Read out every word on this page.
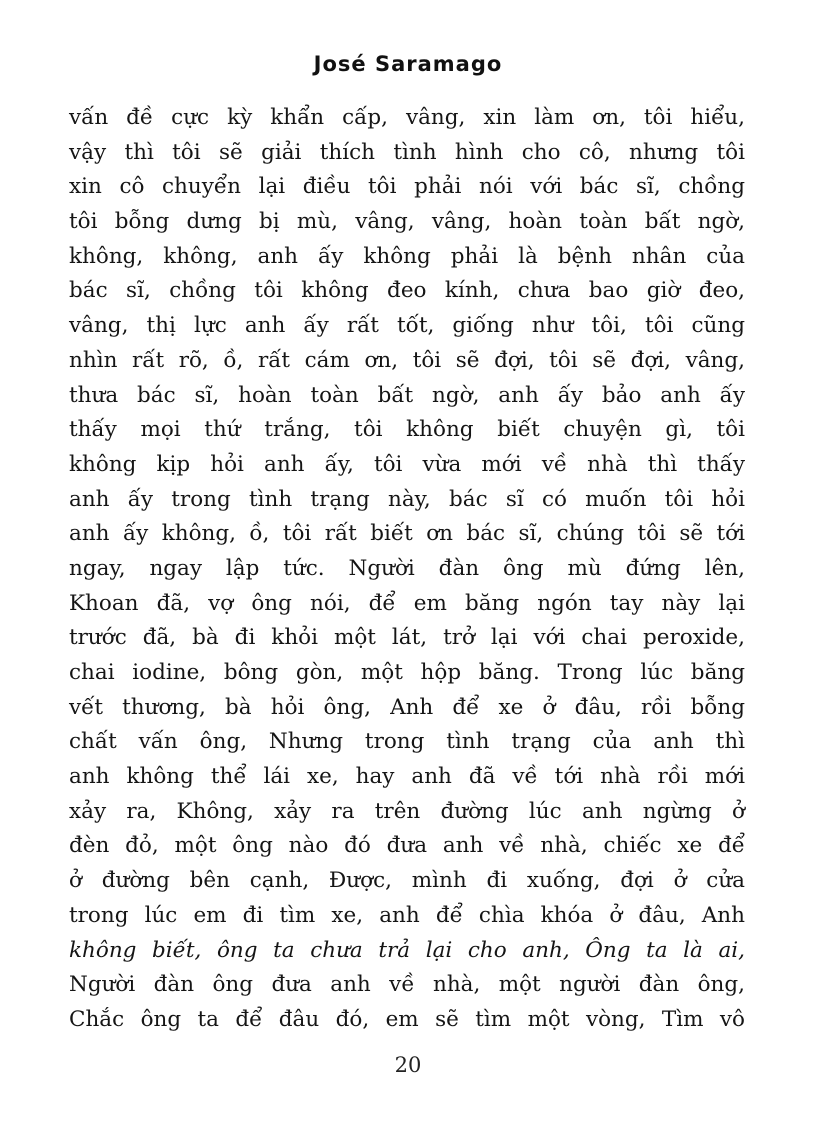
José Saramago
vấn đề cực kỳ khẩn cấp, vâng, xin làm ơn, tôi hiểu,
vậy thì tôi sẽ giải thích tình hình cho cô, nhưng tôi
xin cô chuyển lại điều tôi phải nói với bác sĩ, chồng
tôi bỗng dưng bị mù, vâng, vâng, hoàn toàn bất ngờ,
không, không, anh ấy không phải là bệnh nhân của
bác sĩ, chồng tôi không đeo kính, chưa bao giờ đeo,
vâng, thị lực anh ấy rất tốt, giống như tôi, tôi cũng
nhìn rất rõ, ồ, rất cám ơn, tôi sẽ đợi, tôi sẽ đợi, vâng,
thưa bác sĩ, hoàn toàn bất ngờ, anh ấy bảo anh ấy
thấy mọi thứ trắng, tôi không biết chuyện gì, tôi
không kịp hỏi anh ấy, tôi vừa mới về nhà thì thấy
anh ấy trong tình trạng này, bác sĩ có muốn tôi hỏi
anh ấy không, ồ, tôi rất biết ơn bác sĩ, chúng tôi sẽ tới
ngay, ngay lập tức. Người đàn ông mù đứng lên,
Khoan đã, vợ ông nói, để em băng ngón tay này lại
trước đã, bà đi khỏi một lát, trở lại với chai peroxide,
chai iodine, bông gòn, một hộp băng. Trong lúc băng
vết thương, bà hỏi ông, Anh để xe ở đâu, rồi bỗng
chất vấn ông, Nhưng trong tình trạng của anh thì
anh không thể lái xe, hay anh đã về tới nhà rồi mới
xảy ra, Không, xảy ra trên đường lúc anh ngừng ở
đèn đỏ, một ông nào đó đưa anh về nhà, chiếc xe để
ở đường bên cạnh, Được, mình đi xuống, đợi ở cửa
trong lúc em đi tìm xe, anh để chìa khóa ở đâu, Anh
không biết, ông ta chưa trả lại cho anh, Ông ta là ai,
Người đàn ông đưa anh về nhà, một người đàn ông,
Chắc ông ta để đâu đó, em sẽ tìm một vòng, Tìm vô
20
